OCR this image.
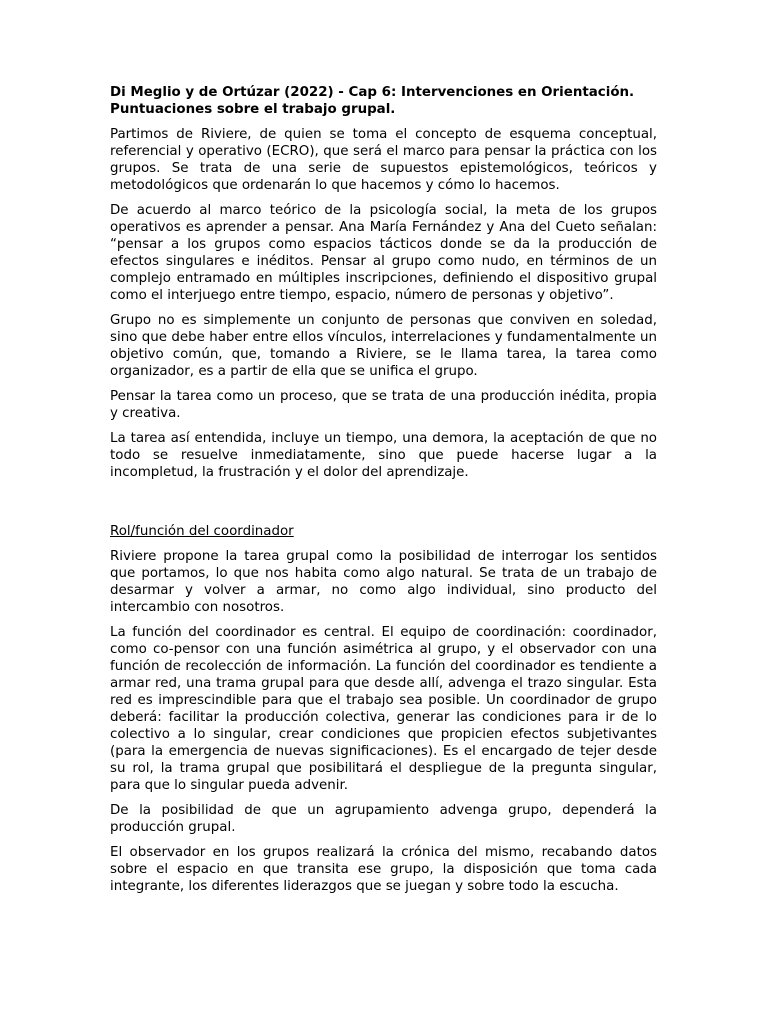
Di Meglio y de Ortúzar (2022) - Cap 6: Intervenciones en Orientación. Puntuaciones sobre el trabajo grupal.

Partimos de Riviere, de quien se toma el concepto de esquema conceptual, referencial y operativo (ECRO), que será el marco para pensar la práctica con los grupos. Se trata de una serie de supuestos epistemológicos, teóricos y metodológicos que ordenarán lo que hacemos y cómo lo hacemos.

De acuerdo al marco teórico de la psicología social, la meta de los grupos operativos es aprender a pensar. Ana María Fernández y Ana del Cueto señalan: “pensar a los grupos como espacios tácticos donde se da la producción de efectos singulares e inéditos. Pensar al grupo como nudo, en términos de un complejo entramado en múltiples inscripciones, definiendo el dispositivo grupal como el interjuego entre tiempo, espacio, número de personas y objetivo”.

Grupo no es simplemente un conjunto de personas que conviven en soledad, sino que debe haber entre ellos vínculos, interrelaciones y fundamentalmente un objetivo común, que, tomando a Riviere, se le llama tarea, la tarea como organizador, es a partir de ella que se unifica el grupo.

Pensar la tarea como un proceso, que se trata de una producción inédita, propia y creativa.

La tarea así entendida, incluye un tiempo, una demora, la aceptación de que no todo se resuelve inmediatamente, sino que puede hacerse lugar a la incompletud, la frustración y el dolor del aprendizaje.

Rol/función del coordinador

Riviere propone la tarea grupal como la posibilidad de interrogar los sentidos que portamos, lo que nos habita como algo natural. Se trata de un trabajo de desarmar y volver a armar, no como algo individual, sino producto del intercambio con nosotros.

La función del coordinador es central. El equipo de coordinación: coordinador, como co-pensor con una función asimétrica al grupo, y el observador con una función de recolección de información. La función del coordinador es tendiente a armar red, una trama grupal para que desde allí, advenga el trazo singular. Esta red es imprescindible para que el trabajo sea posible. Un coordinador de grupo deberá: facilitar la producción colectiva, generar las condiciones para ir de lo colectivo a lo singular, crear condiciones que propicien efectos subjetivantes (para la emergencia de nuevas significaciones). Es el encargado de tejer desde su rol, la trama grupal que posibilitará el despliegue de la pregunta singular, para que lo singular pueda advenir.

De la posibilidad de que un agrupamiento advenga grupo, dependerá la producción grupal.

El observador en los grupos realizará la crónica del mismo, recabando datos sobre el espacio en que transita ese grupo, la disposición que toma cada integrante, los diferentes liderazgos que se juegan y sobre todo la escucha.
